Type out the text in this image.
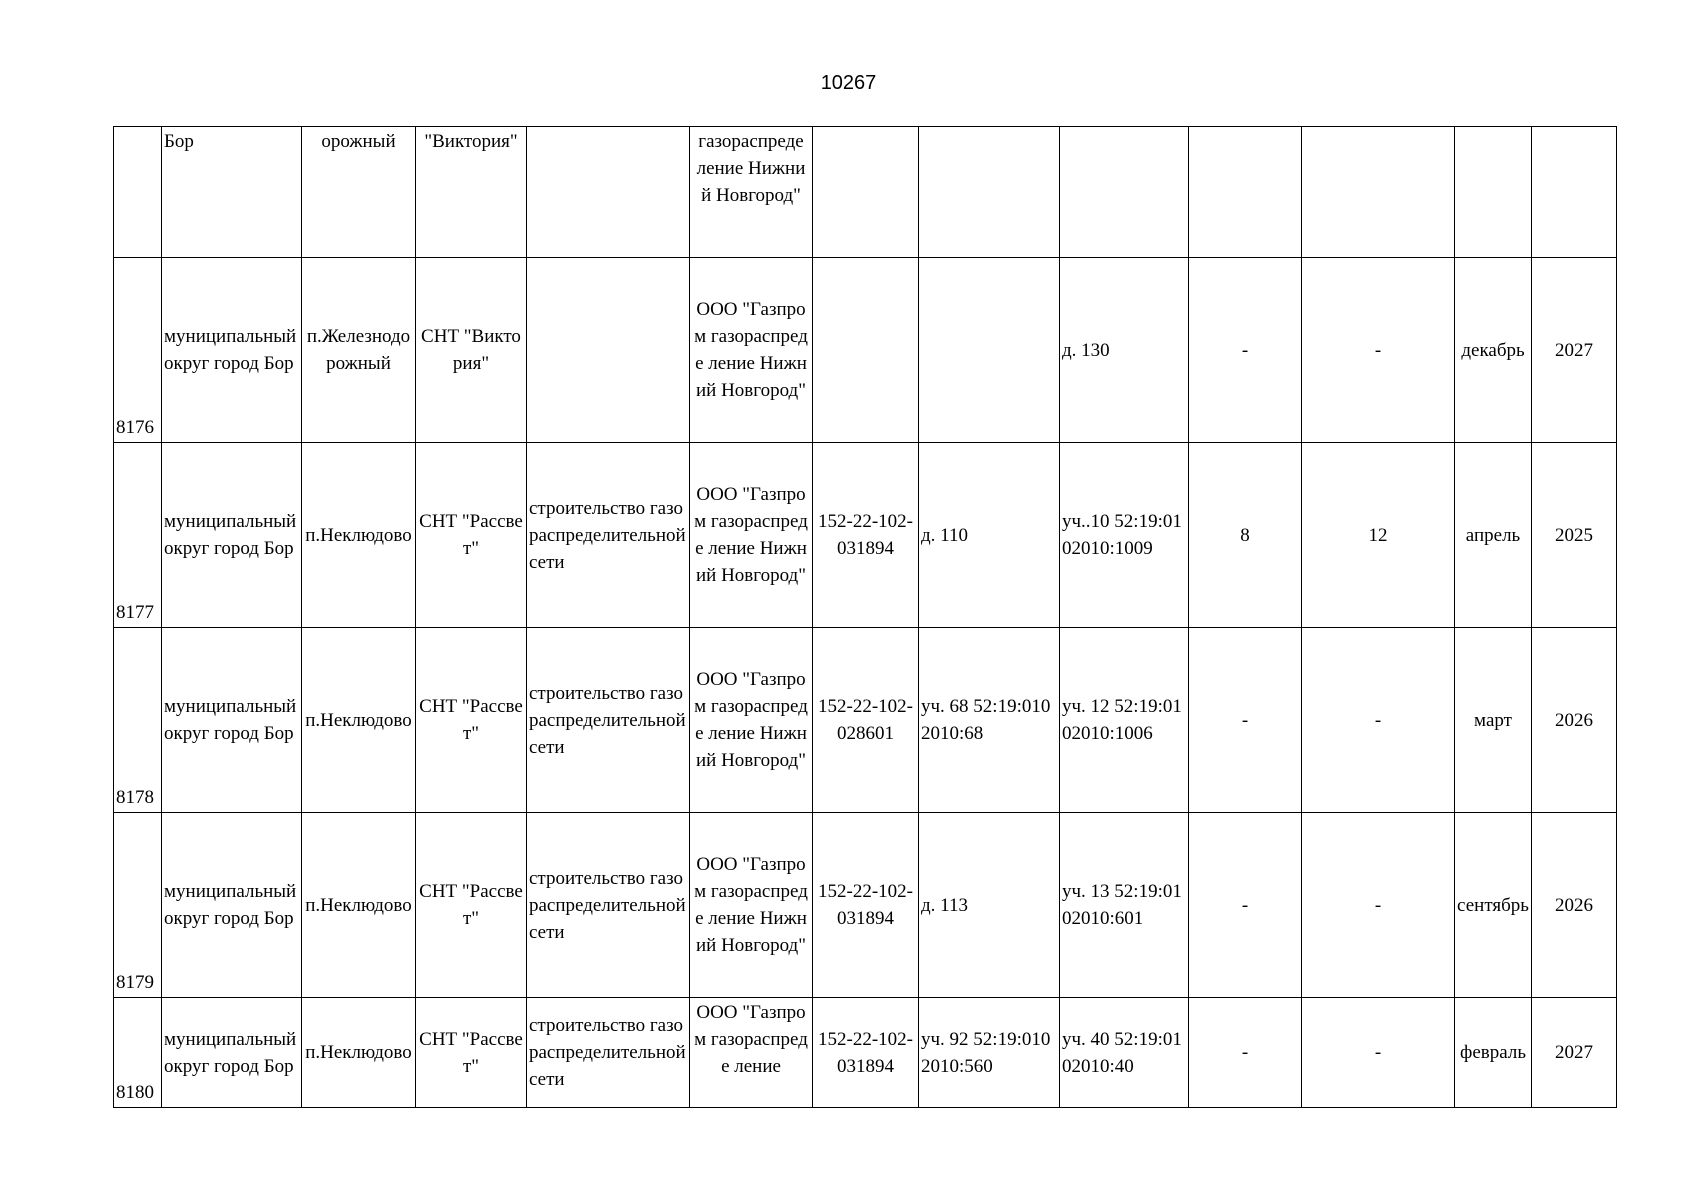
10267
	Бор	орожный	"Виктория"		газораспреде ление Нижний Новгород"							
8176	муниципальный округ город Бор	п.Железнодорожный	СНТ "Виктория"		ООО "Газпром газораспреде ление Нижний Новгород"			д. 130	-	-	декабрь	2027
8177	муниципальный округ город Бор	п.Неклюдово	СНТ "Рассвет"	строительство газораспределительной сети	ООО "Газпром газораспреде ление Нижний Новгород"	152-22-102-031894	д. 110	уч..10 52:19:0102010:1009	8	12	апрель	2025
8178	муниципальный округ город Бор	п.Неклюдово	СНТ "Рассвет"	строительство газораспределительной сети	ООО "Газпром газораспреде ление Нижний Новгород"	152-22-102-028601	уч. 68 52:19:0102010:68	уч. 12 52:19:0102010:1006	-	-	март	2026
8179	муниципальный округ город Бор	п.Неклюдово	СНТ "Рассвет"	строительство газораспределительной сети	ООО "Газпром газораспреде ление Нижний Новгород"	152-22-102-031894	д. 113	уч. 13 52:19:0102010:601	-	-	сентябрь	2026
8180	муниципальный округ город Бор	п.Неклюдово	СНТ "Рассвет"	строительство газораспределительной сети	ООО "Газпром газораспреде ление	152-22-102-031894	уч. 92 52:19:0102010:560	уч. 40 52:19:0102010:40	-	-	февраль	2027
